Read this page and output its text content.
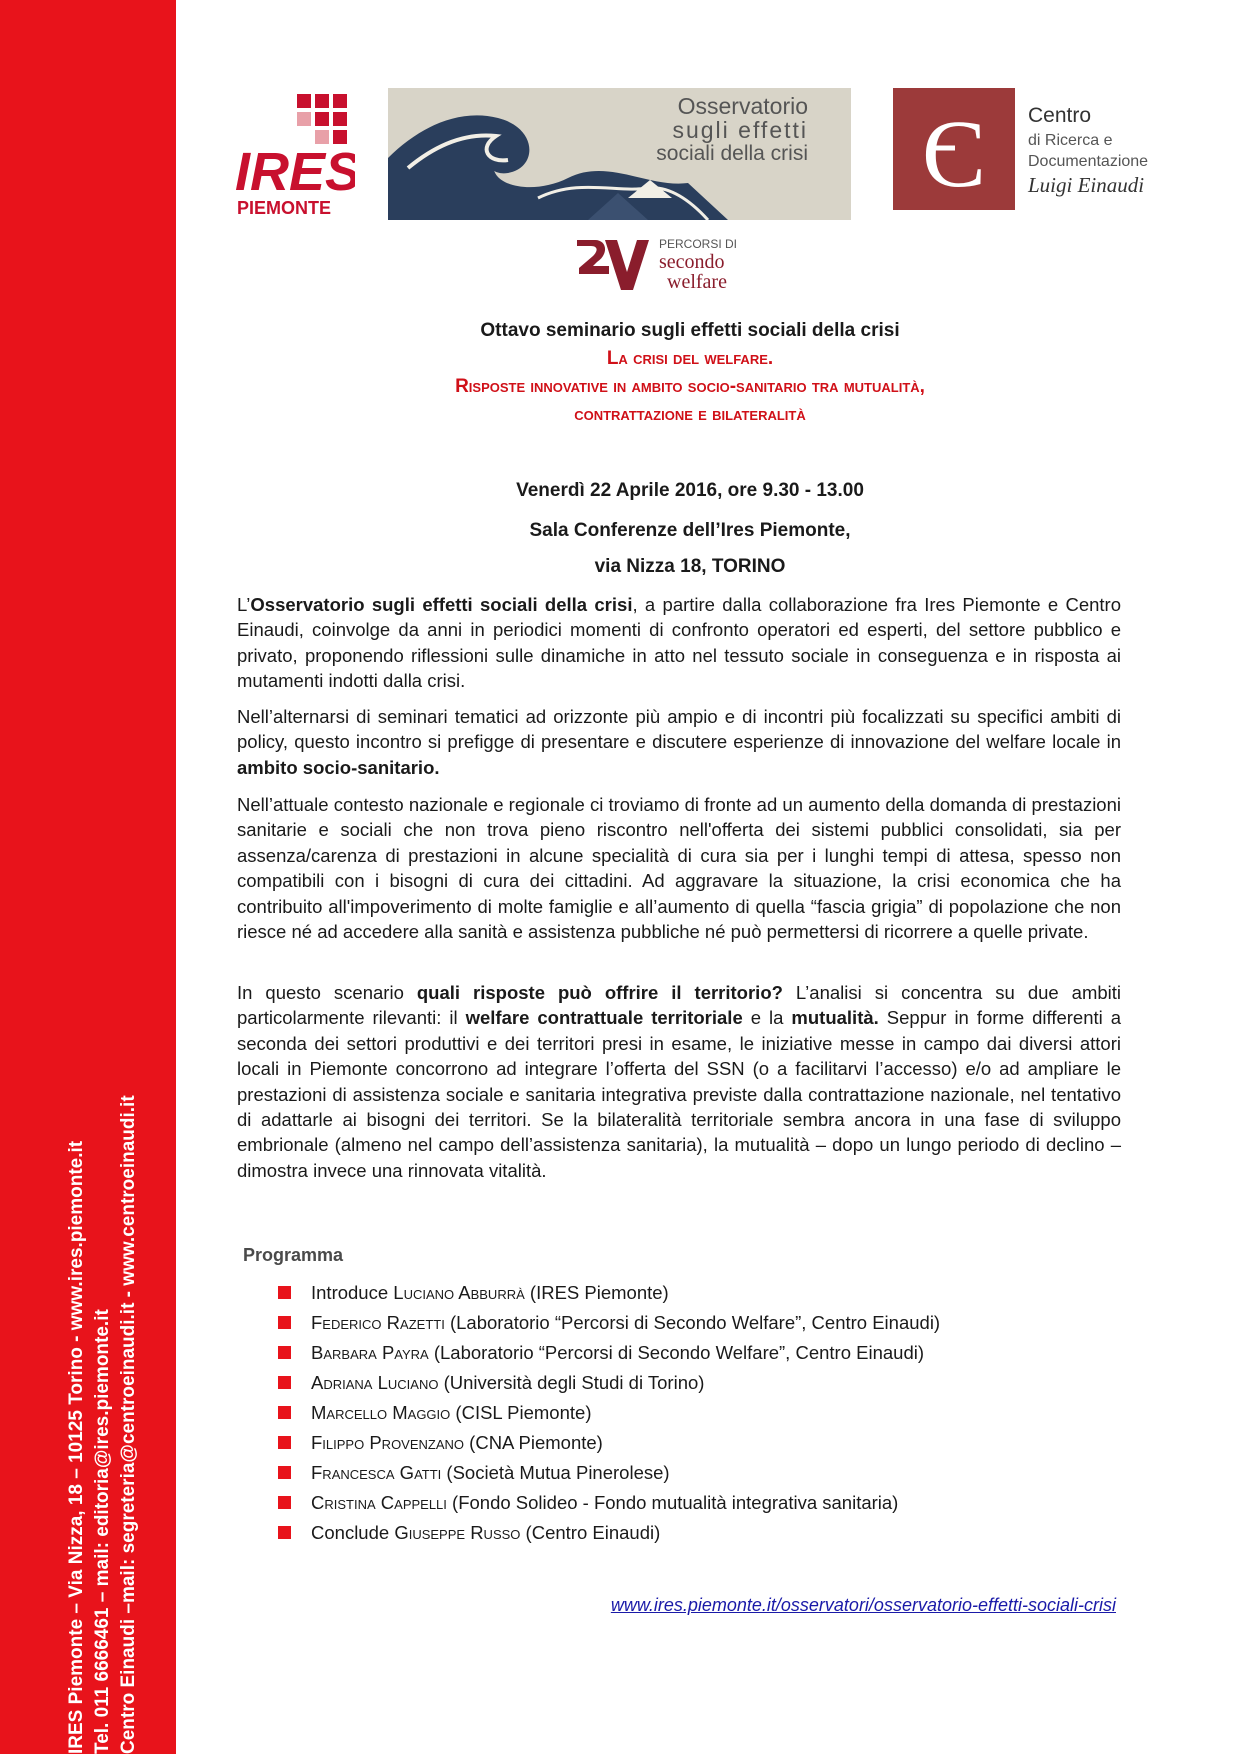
IRES Piemonte – Via Nizza, 18 – 10125 Torino - www.ires.piemonte.it Tel. 011 6666461 – mail: editoria@ires.piemonte.it Centro Einaudi –mail: segreteria@centroeinaudi.it - www.centroeinaudi.it
IRES
PIEMONTE
Osservatorio
sugli effetti
sociali della crisi C Centro
di Ricerca e
Documentazione
Luigi Einaudi
PERCORSI DI
secondo
welfare
Ottavo seminario sugli effetti sociali della crisi
La crisi del welfare.
Risposte innovative in ambito socio-sanitario tra mutualità,
contrattazione e bilateralità
Venerdì 22 Aprile 2016, ore 9.30 - 13.00
Sala Conferenze dell’Ires Piemonte,
via Nizza 18, TORINO
L’Osservatorio sugli effetti sociali della crisi, a partire dalla collaborazione fra Ires Piemonte e Centro Einaudi, coinvolge da anni in periodici momenti di confronto operatori ed esperti, del settore pubblico e privato, proponendo riflessioni sulle dinamiche in atto nel tessuto sociale in conseguenza e in risposta ai mutamenti indotti dalla crisi.
Nell’alternarsi di seminari tematici ad orizzonte più ampio e di incontri più focalizzati su specifici ambiti di policy, questo incontro si prefigge di presentare e discutere esperienze di innovazione del welfare locale in ambito socio-sanitario.
Nell’attuale contesto nazionale e regionale ci troviamo di fronte ad un aumento della domanda di prestazioni sanitarie e sociali che non trova pieno riscontro nell'offerta dei sistemi pubblici consolidati, sia per assenza/carenza di prestazioni in alcune specialità di cura sia per i lunghi tempi di attesa, spesso non compatibili con i bisogni di cura dei cittadini. Ad aggravare la situazione, la crisi economica che ha contribuito all'impoverimento di molte famiglie e all’aumento di quella “fascia grigia” di popolazione che non riesce né ad accedere alla sanità e assistenza pubbliche né può permettersi di ricorrere a quelle private.
In questo scenario quali risposte può offrire il territorio? L’analisi si concentra su due ambiti particolarmente rilevanti: il welfare contrattuale territoriale e la mutualità. Seppur in forme differenti a seconda dei settori produttivi e dei territori presi in esame, le iniziative messe in campo dai diversi attori locali in Piemonte concorrono ad integrare l’offerta del SSN (o a facilitarvi l’accesso) e/o ad ampliare le prestazioni di assistenza sociale e sanitaria integrativa previste dalla contrattazione nazionale, nel tentativo di adattarle ai bisogni dei territori. Se la bilateralità territoriale sembra ancora in una fase di sviluppo embrionale (almeno nel campo dell’assistenza sanitaria), la mutualità – dopo un lungo periodo di declino – dimostra invece una rinnovata vitalità.
Programma
Introduce Luciano Abburrà (IRES Piemonte)
Federico Razetti (Laboratorio “Percorsi di Secondo Welfare”, Centro Einaudi)
Barbara Payra (Laboratorio “Percorsi di Secondo Welfare”, Centro Einaudi)
Adriana Luciano (Università degli Studi di Torino)
Marcello Maggio (CISL Piemonte)
Filippo Provenzano (CNA Piemonte)
Francesca Gatti (Società Mutua Pinerolese)
Cristina Cappelli (Fondo Solideo - Fondo mutualità integrativa sanitaria)
Conclude Giuseppe Russo (Centro Einaudi)
www.ires.piemonte.it/osservatori/osservatorio-effetti-sociali-crisi
